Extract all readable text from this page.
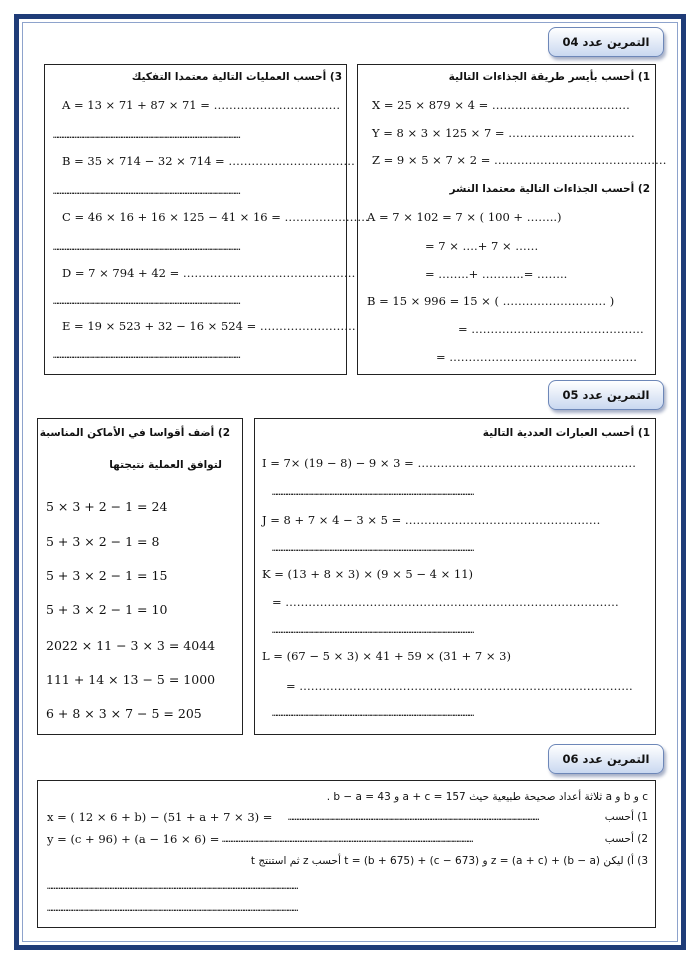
التمرين عدد 04
1) أحسب بأيسر طريقة الجذاءات التالية
X = 25 × 879 × 4 = ………………………………
Y = 8 × 3 × 125 × 7 = ……………………………
Z = 9 × 5 × 7 × 2 = ………………………………………
2) أحسب الجذاءات التالية معتمدا النشر
A = 7 × 102 = 7 × ( 100 + ……..)
= 7 × ….+ 7 × ……
= ……..+ ………..= ……..
B = 15 × 996 = 15 × ( ……………………… )
= ………………………………………
= ………………………………………….
3) أحسب العمليات التالية معتمدا التفكيك
A = 13 × 71 + 87 × 71 = ……………………………
……………………………………………………………………………………………………
B = 35 × 714 − 32 × 714 = ……………………………
……………………………………………………………………………………………………
C = 46 × 16 + 16 × 125 − 41 × 16 = ………………….
……………………………………………………………………………………………………
D = 7 × 794 + 42 = ………………………………………
……………………………………………………………………………………………………
E = 19 × 523 + 32 − 16 × 524 = …………………….
……………………………………………………………………………………………………
التمرين عدد 05
1) أحسب العبارات العددية التالية
I = 7× (19 − 8) − 9 × 3 = …………………………………………………
……………………………………………………………………………………………………………
J = 8 + 7 × 4 − 3 × 5 = ……………………………………………
……………………………………………………………………………………………………………
K = (13 + 8 × 3) × (9 × 5 − 4 × 11)
= ……………………………………………………………………………
……………………………………………………………………………………………………………
L = (67 − 5 × 3) × 41 + 59 × (31 + 7 × 3)
= ……………………………………………………………………………
……………………………………………………………………………………………………………
2) أضف أقواسا في الأماكن المناسبة
لتوافق العملية نتيجتها
5 × 3 + 2 − 1 = 24
5 + 3 × 2 − 1 = 8
5 + 3 × 2 − 1 = 15
5 + 3 × 2 − 1 = 10
2022 × 11 − 3 × 3 = 4044
111 + 14 × 13 − 5 = 1000
6 + 8 × 3 × 7 − 5 = 205
التمرين عدد 06
c و b و a ثلاثة أعداد صحيحة طبيعية حيث a + c = 157 و b − a = 43 .
1) أحسب
x = ( 12 × 6 + b) − (51 + a + 7 × 3) = ………………………………………………………………………………………………………………………………………
2) أحسب
y = (c + 96) + (a − 16 × 6) = ………………………………………………………………………………………………………………………………………
3) أ) ليكن z = (a + c) + (b − a) و t = (b + 675) + (c − 673) أحسب z ثم استنتج t
………………………………………………………………………………………………………………………………………
………………………………………………………………………………………………………………………………………
